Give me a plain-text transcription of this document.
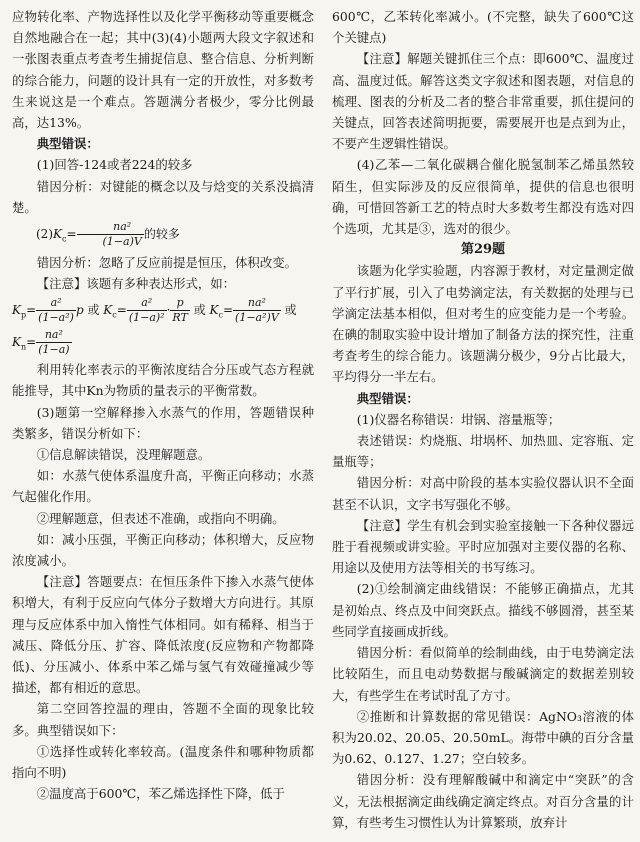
应物转化率、产物选择性以及化学平衡移动等重要概念自然地融合在一起；其中(3)(4)小题两大段文字叙述和一张图表重点考查考生捕捉信息、整合信息、分析判断的综合能力，问题的设计具有一定的开放性，对多数考生来说这是一个难点。答题满分者极少，零分比例最高，达13%。

典型错误：

(1)回答-124或者224的较多

错因分析：对键能的概念以及与焓变的关系没搞清楚。

$(2)K_c= \frac{\text{na²}}{(1-a)V}$ 的较多

错因分析：忽略了反应前提是恒压，体积改变。

【注意】该题有多种表达形式，如：

$K_p= \frac{\text{a²}}{\text{(1−a²)}}$ p 或 $K_c= \frac{\text{a²}}{\text{(1−a)²}} \cdot \frac{p}{RT}$ 或 $K_c= \frac{\text{na²}}{\text{(1−a²)V}}$ 或

$K_n= \frac{\text{na²}}{(1-a)}$

利用转化率表示的平衡浓度结合分压或气态方程就能推导，其中Kn为物质的量表示的平衡常数。

(3)题第一空解释掺入水蒸气的作用，答题错误种类繁多，错误分析如下：

①信息解读错误，没理解题意。

如：水蒸气使体系温度升高，平衡正向移动；水蒸气起催化作用。

②理解题意，但表述不准确，或指向不明确。

如：减小压强，平衡正向移动；体积增大，反应物浓度减小。

【注意】答题要点：在恒压条件下掺入水蒸气使体积增大，有利于反应向气体分子数增大方向进行。其原理与反应体系中加入惰性气体相同。如有稀释、相当于减压、降低分压、扩容、降低浓度(反应物和产物都降低)、分压减小、体系中苯乙烯与氢气有效碰撞减少等描述，都有相近的意思。

第二空回答控温的理由，答题不全面的现象比较多。典型错误如下：

①选择性或转化率较高。(温度条件和哪种物质都指向不明)

②温度高于600℃，苯乙烯选择性下降，低于

600℃，乙苯转化率减小。(不完整，缺失了600℃这个关键点)

【注意】解题关键抓住三个点：即600℃、温度过高、温度过低。解答这类文字叙述和图表题，对信息的梳理、图表的分析及二者的整合非常重要，抓住提问的关键点，回答表述简明扼要，需要展开也是点到为止，不要产生逻辑性错误。

(4)乙苯—二氧化碳耦合催化脱氢制苯乙烯虽然较陌生，但实际涉及的反应很简单，提供的信息也很明确，可惜回答新工艺的特点时大多数考生都没有选对四个选项，尤其是③，选对的很少。

第29题

该题为化学实验题，内容源于教材，对定量测定做了平行扩展，引入了电势滴定法，有关数据的处理与已学滴定法基本相似，但对考生的应变能力是一个考验。在碘的制取实验中设计增加了制备方法的探究性，注重考查考生的综合能力。该题满分极少，9分占比最大，平均得分一半左右。

典型错误：

(1)仪器名称错误：坩锅、溶量瓶等；

表述错误：灼烧瓶、坩埚杯、加热皿、定容瓶、定量瓶等；

错因分析：对高中阶段的基本实验仪器认识不全面甚至不认识，文字书写强化不够。

【注意】学生有机会到实验室接触一下各种仪器远胜于看视频或讲实验。平时应加强对主要仪器的名称、用途以及使用方法等相关的书写练习。

(2)①绘制滴定曲线错误：不能够正确描点，尤其是初始点、终点及中间突跃点。描线不够圆滑，甚至某些同学直接画成折线。

错因分析：看似简单的绘制曲线，由于电势滴定法比较陌生，而且电动势数据与酸碱滴定的数据差别较大，有些学生在考试时乱了方寸。

②推断和计算数据的常见错误：AgNO₃溶液的体积为20.02、20.05、20.50mL。海带中碘的百分含量为0.62、0.127、1.27；空白较多。

错因分析：没有理解酸碱中和滴定中“突跃”的含义，无法根据滴定曲线确定滴定终点。对百分含量的计算，有些考生习惯性认为计算繁琐，放弃计
